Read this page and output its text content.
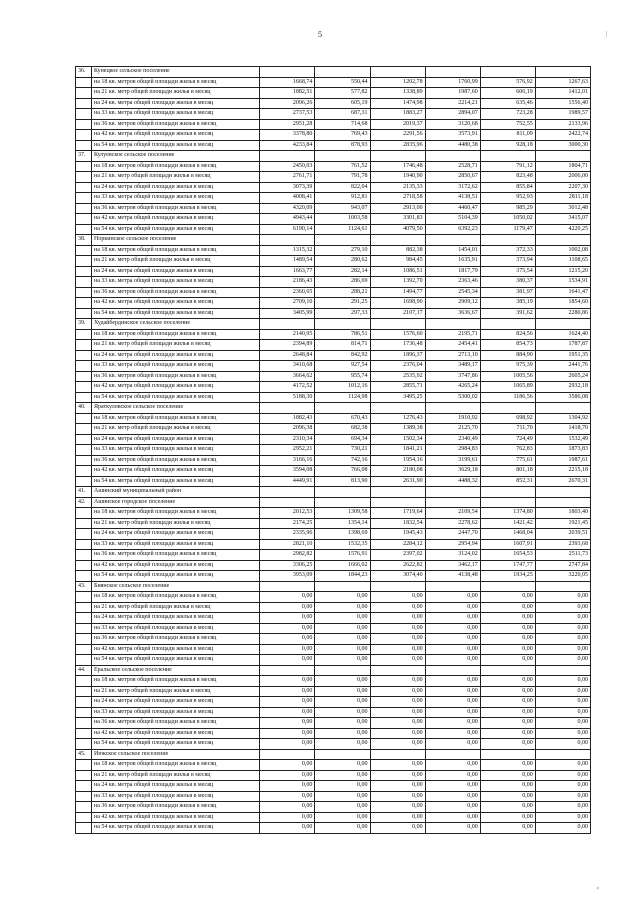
5	|
36.	Кунецкое сельское поселение						
	на 18 кв. метров общей площади жилья в месяц	1668,74	550,44	1202,78	1760,99	576,92	1267,63
	на 21 кв. метр общей площади жилья в месяц	1882,51	577,82	1338,89	1987,60	606,19	1412,01
	на 24 кв. метра общей площади жилья в месяц	2096,26	605,19	1474,98	2214,21	635,46	1556,40
	на 33 кв. метра общей площади жилья в месяц	2737,53	687,31	1883,27	2894,07	723,28	1989,57
	на 36 кв. метров общей площади жилья в месяц	2951,28	714,68	2019,37	3120,68	752,55	2133,96
	на 42 кв. метра общей площади жилья в месяц	3378,80	769,43	2291,56	3573,91	811,09	2422,74
	на 54 кв. метра общей площади жилья в месяц	4233,84	878,93	2835,96	4480,38	928,18	3000,30
37.	Кулуевское сельское поселение						
	на 18 кв. метров общей площади жилья в месяц	2450,03	761,52	1746,48	2528,71	791,12	1804,71
	на 21 кв. метр общей площади жилья в месяц	2761,71	791,78	1940,90	2850,67	823,48	2006,00
	на 24 кв. метра общей площади жилья в месяц	3073,39	822,04	2135,33	3172,62	855,84	2207,30
	на 33 кв. метра общей площади жилья в месяц	4008,41	912,81	2718,58	4138,51	952,93	2811,18
	на 36 кв. метров общей площади жилья в месяц	4320,09	943,07	2913,00	4460,47	985,29	3012,48
	на 42 кв. метра общей площади жилья в месяц	4943,44	1003,58	3301,83	5104,39	1050,02	3415,07
	на 54 кв. метра общей площади жилья в месяц	6190,14	1124,61	4079,50	6392,23	1179,47	4220,25
38.	Норкинское сельское поселение						
	на 18 кв. метров общей площади жилья в месяц	1315,32	279,10	882,38	1454,01	372,33	1002,08
	на 21 кв. метр общей площади жилья в месяц	1489,54	280,62	984,45	1635,91	373,94	1108,65
	на 24 кв. метра общей площади жилья в месяц	1663,77	282,14	1086,51	1817,79	375,54	1215,20
	на 33 кв. метра общей площади жилья в месяц	2186,43	286,69	1392,70	2363,46	380,37	1534,91
	на 36 кв. метров общей площади жилья в месяц	2360,65	288,21	1494,77	2545,34	381,97	1641,47
	на 42 кв. метра общей площади жилья в месяц	2709,10	291,25	1698,90	2909,12	385,19	1854,60
	на 54 кв. метра общей площади жилья в месяц	3405,99	297,33	2107,17	3636,67	391,62	2280,86
39.	Худайбердинское сельское поселение						
	на 18 кв. метров общей площади жилья в месяц	2140,95	786,51	1576,60	2195,71	824,56	1624,40
	на 21 кв. метр общей площади жилья в месяц	2394,89	814,71	1736,48	2454,41	854,73	1787,87
	на 24 кв. метра общей площади жилья в месяц	2648,84	842,92	1896,37	2713,10	884,90	1951,35
	на 33 кв. метра общей площади жилья в месяц	3410,68	927,54	2376,04	3489,17	975,39	2441,76
	на 36 кв. метров общей площади жилья в месяц	3664,62	955,74	2535,92	3747,86	1005,56	2605,24
	на 42 кв. метра общей площади жилья в месяц	4172,52	1012,16	2855,71	4265,24	1065,89	2932,18
	на 54 кв. метра общей площади жилья в месяц	5188,30	1124,98	3495,25	5300,02	1186,56	3586,08
40.	Яраткуловское сельское поселение						
	на 18 кв. метров общей площади жилья в месяц	1882,43	670,43	1276,43	1910,92	698,92	1304,92
	на 21 кв. метр общей площади жилья в месяц	2096,38	682,38	1389,38	2125,70	711,70	1418,70
	на 24 кв. метра общей площади жилья в месяц	2310,34	694,34	1502,34	2340,49	724,49	1532,49
	на 33 кв. метра общей площади жилья в месяц	2952,21	730,21	1841,21	2984,83	762,83	1873,83
	на 36 кв. метров общей площади жилья в месяц	3166,16	742,16	1954,16	3199,61	775,61	1987,61
	на 42 кв. метра общей площади жилья в месяц	3594,08	766,08	2180,08	3629,18	801,18	2215,18
	на 54 кв. метра общей площади жилья в месяц	4449,91	813,90	2631,90	4488,32	852,31	2670,31
41.	Ашинский муниципальный район						
42.	Ашинское городское поселение						
	на 18 кв. метров общей площади жилья в месяц	2012,53	1309,58	1719,64	2109,54	1374,80	1803,40
	на 21 кв. метр общей площади жилья в месяц	2174,25	1354,14	1832,54	2278,62	1421,42	1921,45
	на 24 кв. метра общей площади жилья в месяц	2335,96	1398,69	1945,43	2447,70	1468,04	2039,51
	на 33 кв. метра общей площади жилья в месяц	2821,10	1532,35	2284,12	2954,94	1607,91	2393,68
	на 36 кв. метров общей площади жилья в месяц	2982,82	1576,91	2397,02	3124,02	1654,53	2511,73
	на 42 кв. метра общей площади жилья в месяц	3306,25	1666,02	2622,82	3462,17	1747,77	2747,84
	на 54 кв. метра общей площади жилья в месяц	3953,09	1844,23	3074,40	4138,48	1934,25	3220,05
43.	Биянское сельское поселение						
	на 18 кв. метров общей площади жилья в месяц	0,00	0,00	0,00	0,00	0,00	0,00
	на 21 кв. метр общей площади жилья в месяц	0,00	0,00	0,00	0,00	0,00	0,00
	на 24 кв. метра общей площади жилья в месяц	0,00	0,00	0,00	0,00	0,00	0,00
	на 33 кв. метра общей площади жилья в месяц	0,00	0,00	0,00	0,00	0,00	0,00
	на 36 кв. метров общей площади жилья в месяц	0,00	0,00	0,00	0,00	0,00	0,00
	на 42 кв. метра общей площади жилья в месяц	0,00	0,00	0,00	0,00	0,00	0,00
	на 54 кв. метра общей площади жилья в месяц	0,00	0,00	0,00	0,00	0,00	0,00
44.	Еральское сельское поселение						
	на 18 кв. метров общей площади жилья в месяц	0,00	0,00	0,00	0,00	0,00	0,00
	на 21 кв. метр общей площади жилья в месяц	0,00	0,00	0,00	0,00	0,00	0,00
	на 24 кв. метра общей площади жилья в месяц	0,00	0,00	0,00	0,00	0,00	0,00
	на 33 кв. метра общей площади жилья в месяц	0,00	0,00	0,00	0,00	0,00	0,00
	на 36 кв. метров общей площади жилья в месяц	0,00	0,00	0,00	0,00	0,00	0,00
	на 42 кв. метра общей площади жилья в месяц	0,00	0,00	0,00	0,00	0,00	0,00
	на 54 кв. метра общей площади жилья в месяц	0,00	0,00	0,00	0,00	0,00	0,00
45.	Июкское сельское поселение						
	на 18 кв. метров общей площади жилья в месяц	0,00	0,00	0,00	0,00	0,00	0,00
	на 21 кв. метр общей площади жилья в месяц	0,00	0,00	0,00	0,00	0,00	0,00
	на 24 кв. метра общей площади жилья в месяц	0,00	0,00	0,00	0,00	0,00	0,00
	на 33 кв. метра общей площади жилья в месяц	0,00	0,00	0,00	0,00	0,00	0,00
	на 36 кв. метров общей площади жилья в месяц	0,00	0,00	0,00	0,00	0,00	0,00
	на 42 кв. метра общей площади жилья в месяц	0,00	0,00	0,00	0,00	0,00	0,00
	на 54 кв. метра общей площади жилья в месяц	0,00	0,00	0,00	0,00	0,00	0,00
«
